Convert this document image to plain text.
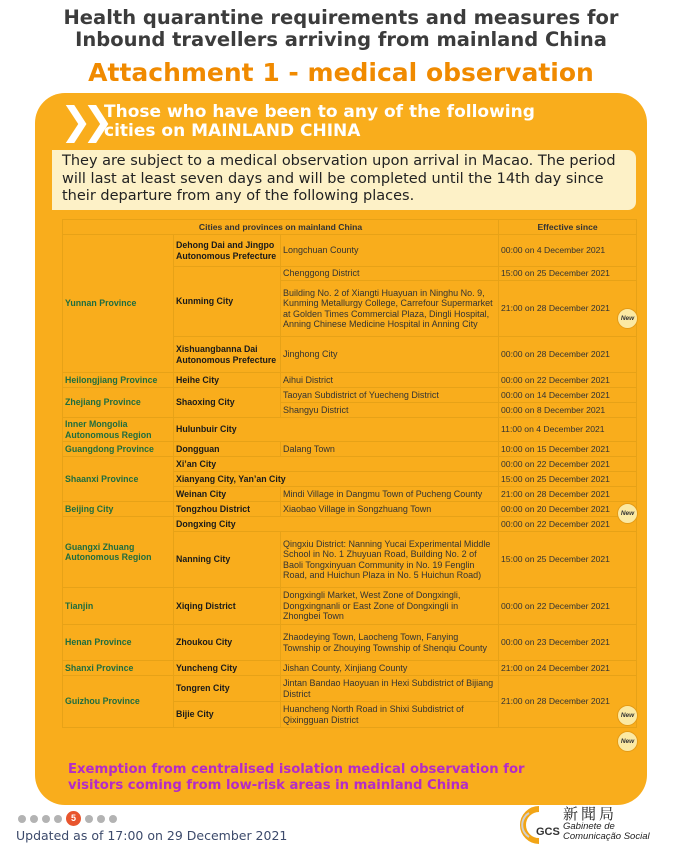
Health quarantine requirements and measures for
Inbound travellers arriving from mainland China
Attachment 1 - medical observation
❯❯ Those who have been to any of the following
cities on MAINLAND CHINA
They are subject to a medical observation upon arrival in Macao. The period will last at least seven days and will be completed until the 14th day since their departure from any of the following places.
Cities and provinces on mainland China			Effective since
Yunnan Province	Dehong Dai and Jingpo Autonomous Prefecture	Longchuan County	00:00 on 4 December 2021
	Kunming City	Chenggong District	15:00 on 25 December 2021
		Building No. 2 of Xiangti Huayuan in Ninghu No. 9, Kunming Metallurgy College, Carrefour Supermarket at Golden Times Commercial Plaza, Dingli Hospital, Anning Chinese Medicine Hospital in Anning City	21:00 on 28 December 2021
	Xishuangbanna Dai Autonomous Prefecture	Jinghong City	00:00 on 28 December 2021
Heilongjiang Province	Heihe City	Aihui District	00:00 on 22 December 2021
Zhejiang Province	Shaoxing City	Taoyan Subdistrict of Yuecheng District	00:00 on 14 December 2021
		Shangyu District	00:00 on 8 December 2021
Inner Mongolia Autonomous Region	Hulunbuir City		11:00 on 4 December 2021
Guangdong Province	Dongguan	Dalang Town	10:00 on 15 December 2021
Shaanxi Province	Xi’an City		00:00 on 22 December 2021
	Xianyang City, Yan’an City		15:00 on 25 December 2021
	Weinan City	Mindi Village in Dangmu Town of Pucheng County	21:00 on 28 December 2021
Beijing City	Tongzhou District	Xiaobao Village in Songzhuang Town	00:00 on 20 December 2021
Guangxi Zhuang Autonomous Region	Dongxing City		00:00 on 22 December 2021
	Nanning City	Qingxiu District: Nanning Yucai Experimental Middle School in No. 1 Zhuyuan Road, Building No. 2 of Baoli Tongxinyuan Community in No. 19 Fenglin Road, and Huichun Plaza in No. 5 Huichun Road)	15:00 on 25 December 2021
Tianjin	Xiqing District	Dongxingli Market, West Zone of Dongxingli, Dongxingnanli or East Zone of Dongxingli in Zhongbei Town	00:00 on 22 December 2021
Henan Province	Zhoukou City	Zhaodeying Town, Laocheng Town, Fanying Township or Zhouying Township of Shenqiu County	00:00 on 23 December 2021
Shanxi Province	Yuncheng City	Jishan County, Xinjiang County	21:00 on 24 December 2021
Guizhou Province	Tongren City	Jintan Bandao Haoyuan in Hexi Subdistrict of Bijiang District	21:00 on 28 December 2021
	Bijie City	Huancheng North Road in Shixi Subdistrict of Qixingguan District	
New
New
New
New
Exemption from centralised isolation medical observation for visitors coming from low-risk areas in mainland China
5
Updated as of 17:00 on 29 December 2021	GCS
新聞局
Gabinete de
Comunicação Social
